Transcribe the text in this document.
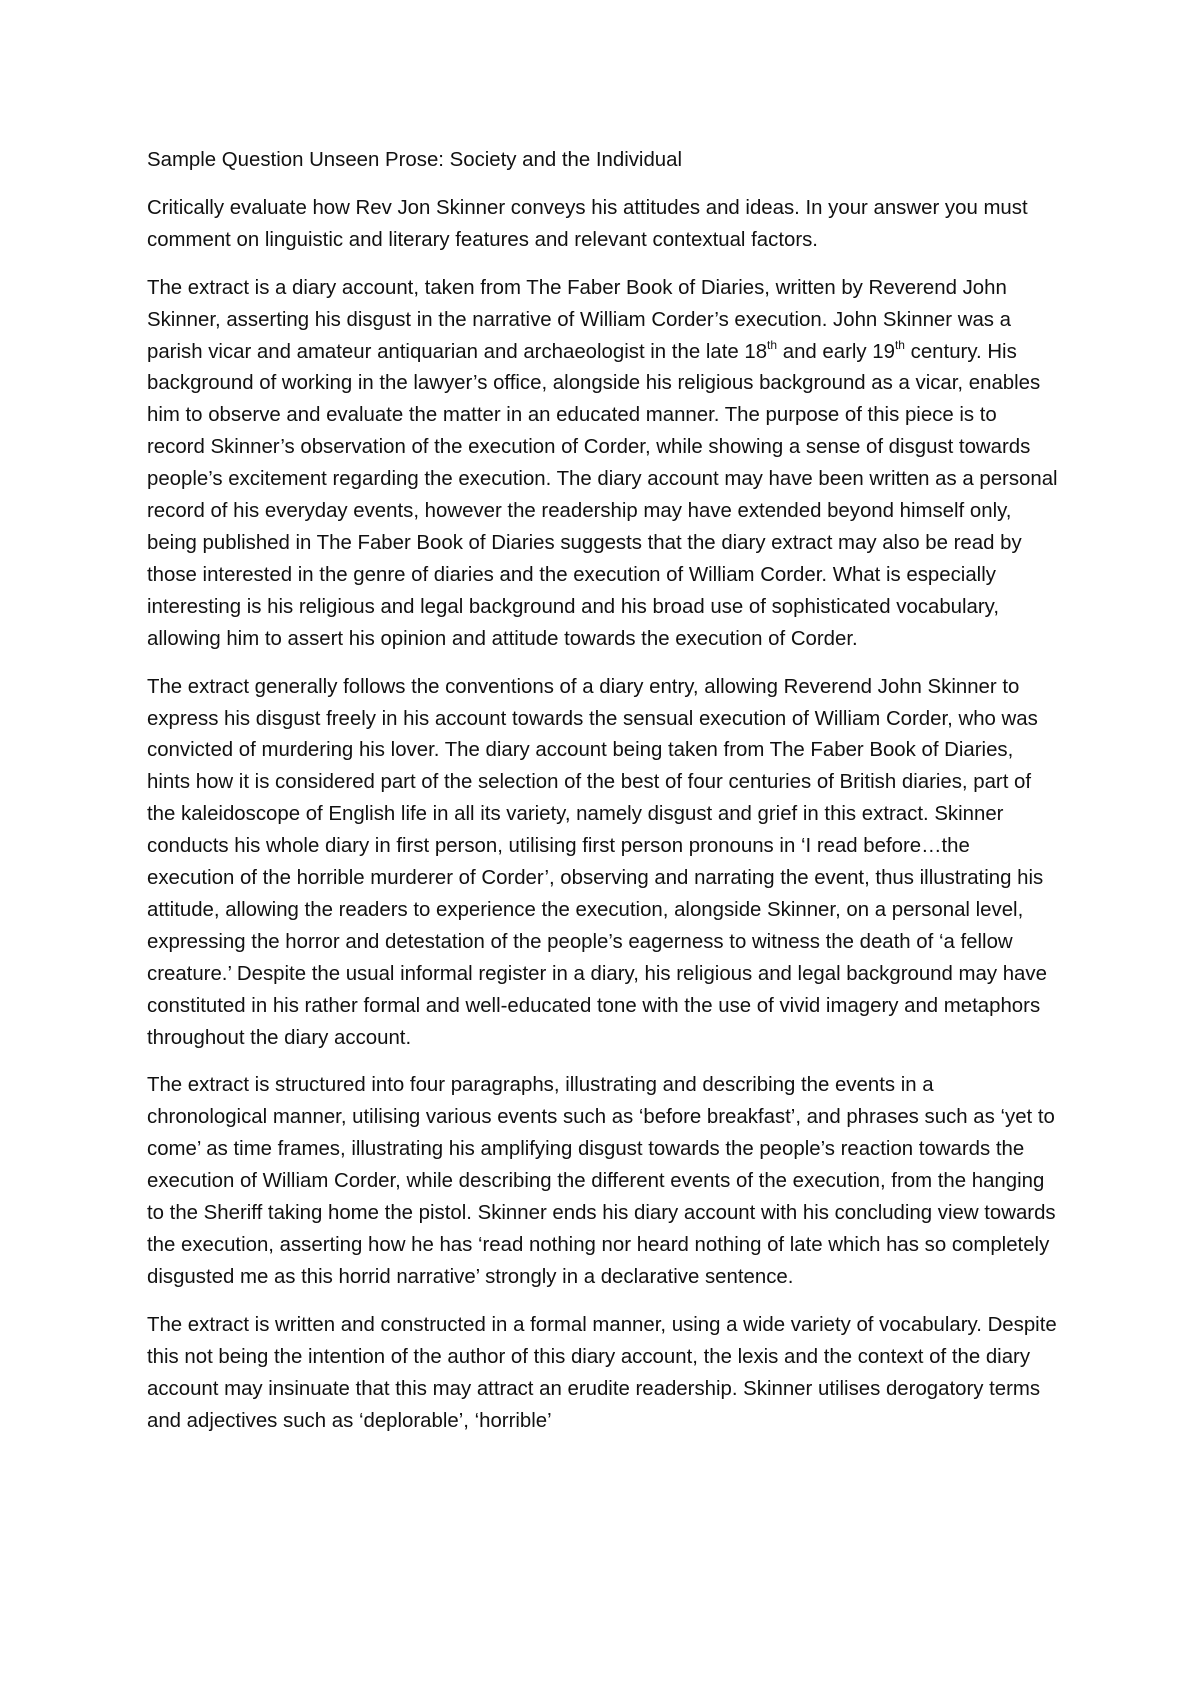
Sample Question Unseen Prose: Society and the Individual

Critically evaluate how Rev Jon Skinner conveys his attitudes and ideas. In your answer you must comment on linguistic and literary features and relevant contextual factors.

The extract is a diary account, taken from The Faber Book of Diaries, written by Reverend John Skinner, asserting his disgust in the narrative of William Corder’s execution. John Skinner was a parish vicar and amateur antiquarian and archaeologist in the late 18th and early 19th century. His background of working in the lawyer’s office, alongside his religious background as a vicar, enables him to observe and evaluate the matter in an educated manner. The purpose of this piece is to record Skinner’s observation of the execution of Corder, while showing a sense of disgust towards people’s excitement regarding the execution. The diary account may have been written as a personal record of his everyday events, however the readership may have extended beyond himself only, being published in The Faber Book of Diaries suggests that the diary extract may also be read by those interested in the genre of diaries and the execution of William Corder. What is especially interesting is his religious and legal background and his broad use of sophisticated vocabulary, allowing him to assert his opinion and attitude towards the execution of Corder.

The extract generally follows the conventions of a diary entry, allowing Reverend John Skinner to express his disgust freely in his account towards the sensual execution of William Corder, who was convicted of murdering his lover. The diary account being taken from The Faber Book of Diaries, hints how it is considered part of the selection of the best of four centuries of British diaries, part of the kaleidoscope of English life in all its variety, namely disgust and grief in this extract. Skinner conducts his whole diary in first person, utilising first person pronouns in ‘I read before…the execution of the horrible murderer of Corder’, observing and narrating the event, thus illustrating his attitude, allowing the readers to experience the execution, alongside Skinner, on a personal level, expressing the horror and detestation of the people’s eagerness to witness the death of ‘a fellow creature.’ Despite the usual informal register in a diary, his religious and legal background may have constituted in his rather formal and well-educated tone with the use of vivid imagery and metaphors throughout the diary account.

The extract is structured into four paragraphs, illustrating and describing the events in a chronological manner, utilising various events such as ‘before breakfast’, and phrases such as ‘yet to come’ as time frames, illustrating his amplifying disgust towards the people’s reaction towards the execution of William Corder, while describing the different events of the execution, from the hanging to the Sheriff taking home the pistol. Skinner ends his diary account with his concluding view towards the execution, asserting how he has ‘read nothing nor heard nothing of late which has so completely disgusted me as this horrid narrative’ strongly in a declarative sentence.

The extract is written and constructed in a formal manner, using a wide variety of vocabulary. Despite this not being the intention of the author of this diary account, the lexis and the context of the diary account may insinuate that this may attract an erudite readership. Skinner utilises derogatory terms and adjectives such as ‘deplorable’, ‘horrible’
